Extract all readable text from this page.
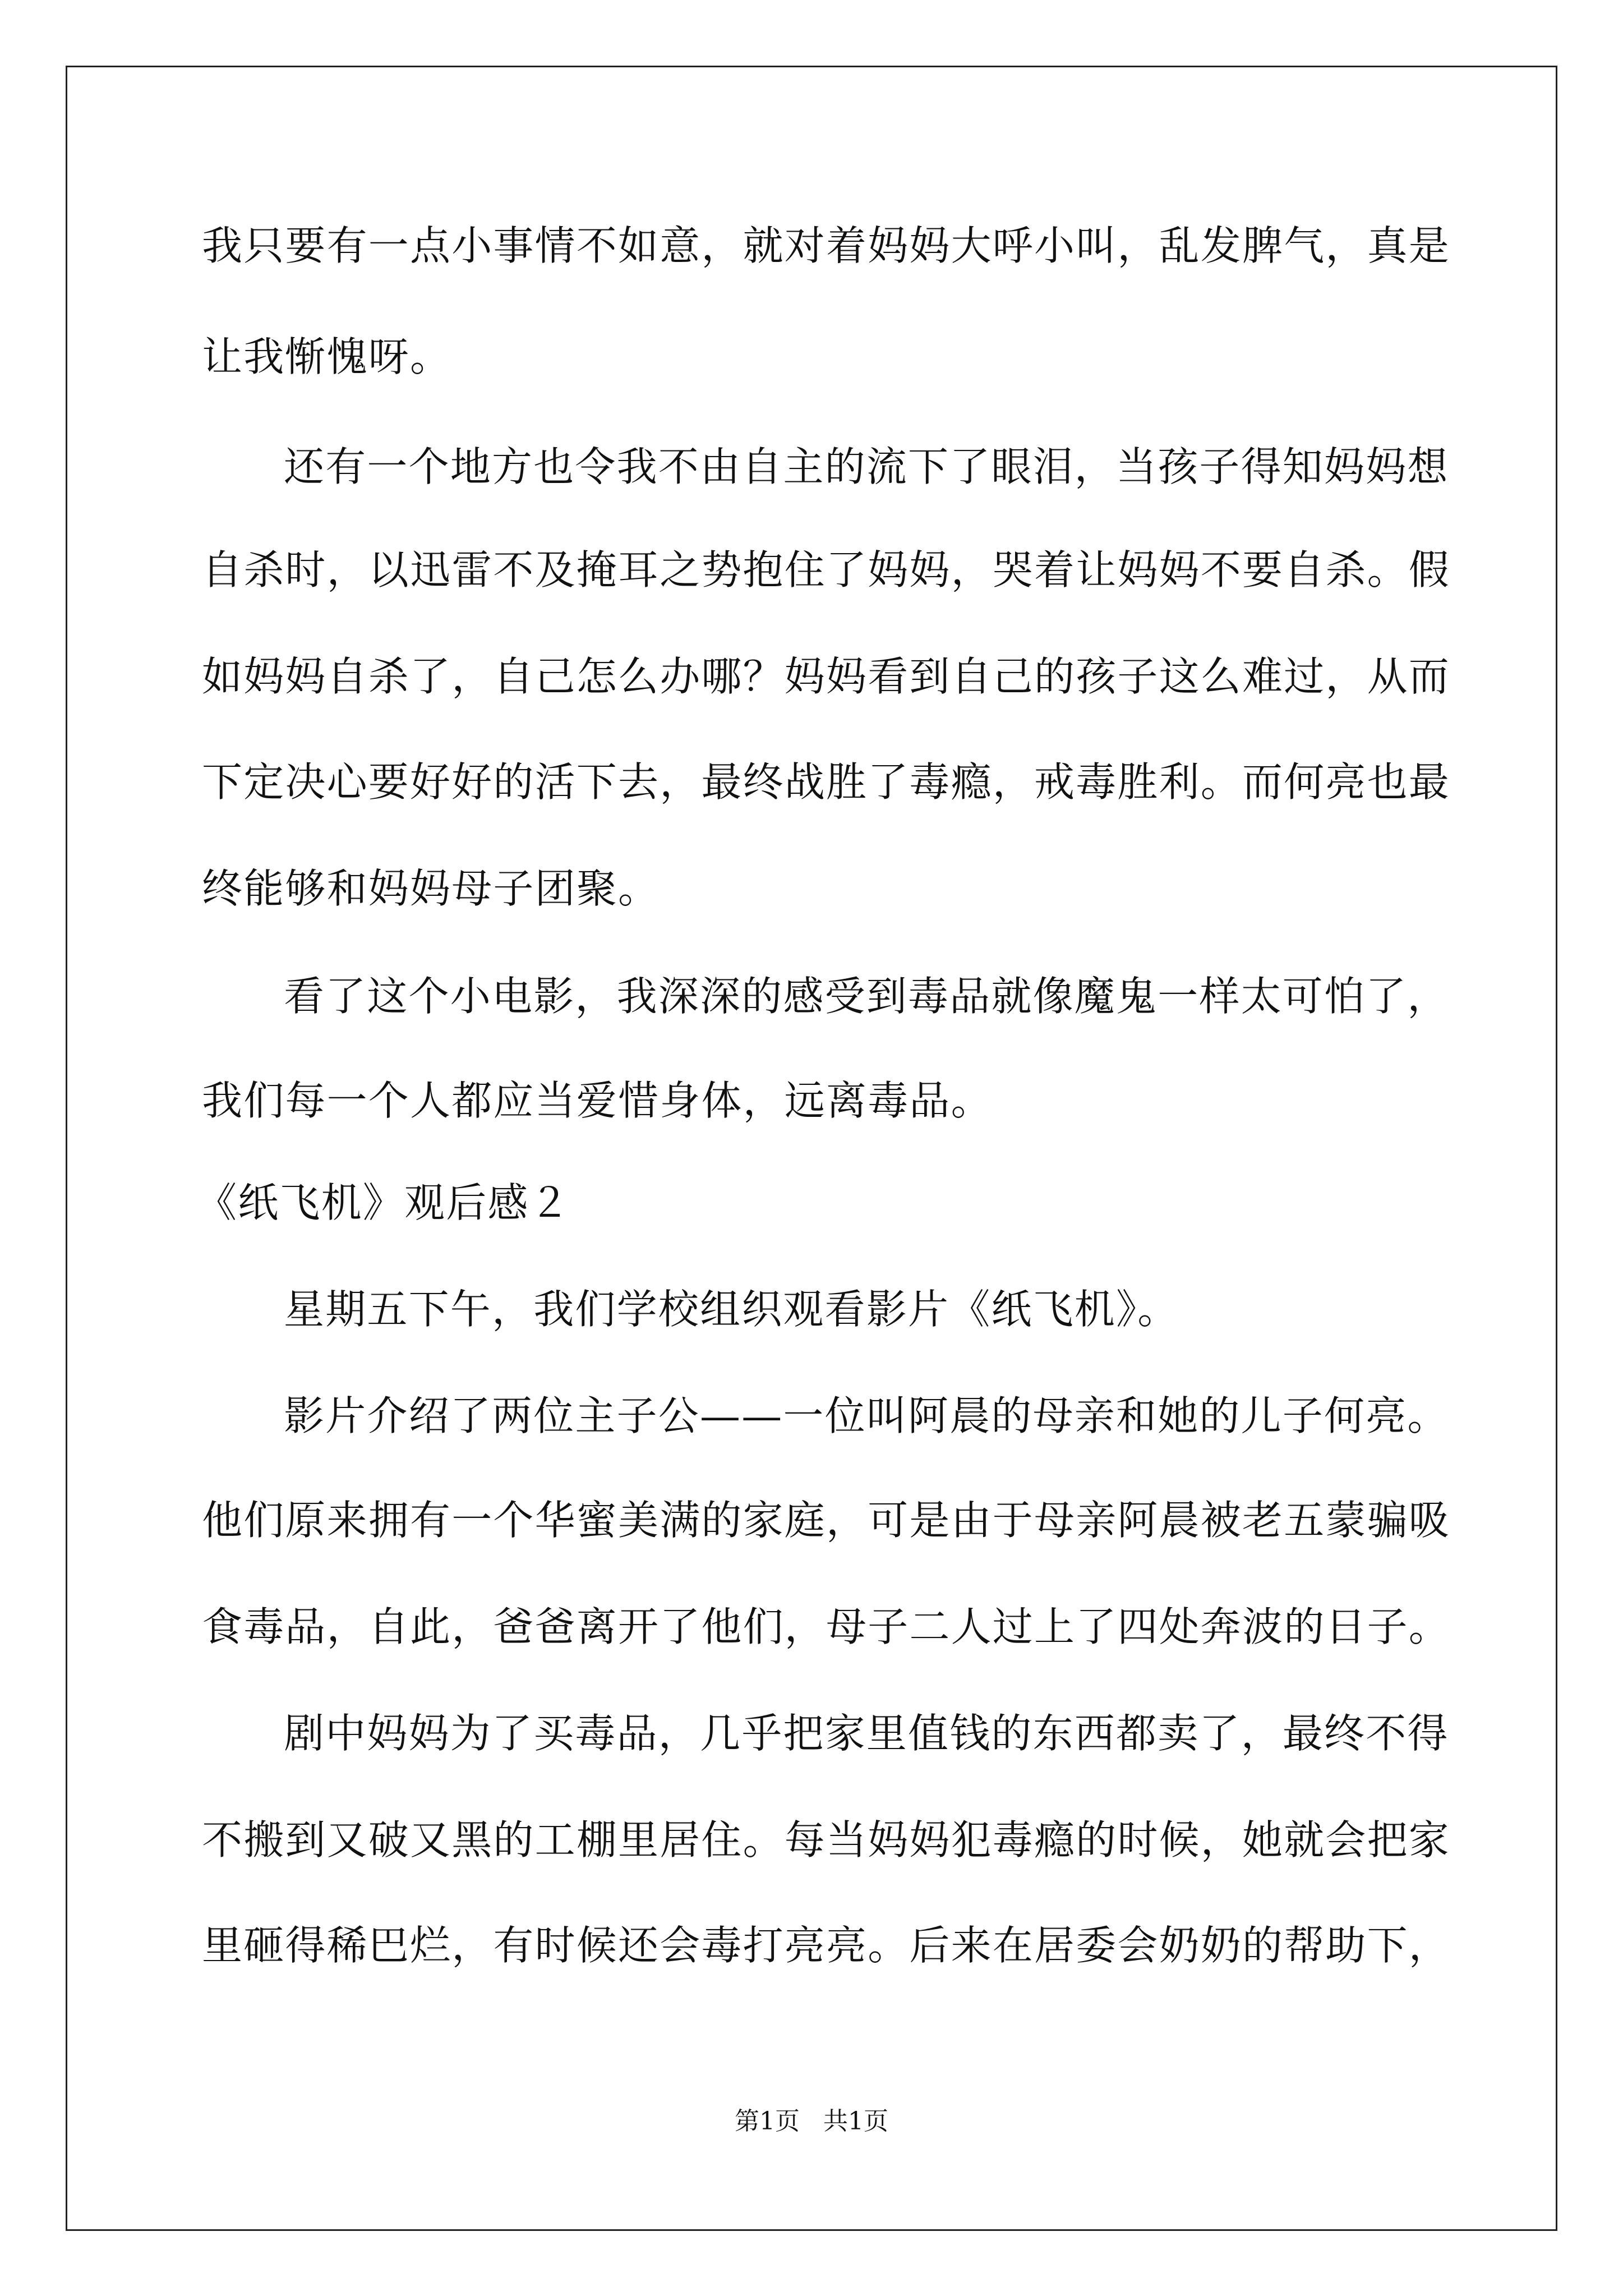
我只要有一点小事情不如意，就对着妈妈大呼小叫，乱发脾气，真是
让我惭愧呀。
还有一个地方也令我不由自主的流下了眼泪，当孩子得知妈妈想
自杀时，以迅雷不及掩耳之势抱住了妈妈，哭着让妈妈不要自杀。假
如妈妈自杀了，自己怎么办哪？妈妈看到自己的孩子这么难过，从而
下定决心要好好的活下去，最终战胜了毒瘾，戒毒胜利。而何亮也最
终能够和妈妈母子团聚。
看了这个小电影，我深深的感受到毒品就像魔鬼一样太可怕了，
我们每一个人都应当爱惜身体，远离毒品。
《纸飞机》观后感２
星期五下午，我们学校组织观看影片《纸飞机》。
影片介绍了两位主子公——一位叫阿晨的母亲和她的儿子何亮。
他们原来拥有一个华蜜美满的家庭，可是由于母亲阿晨被老五蒙骗吸
食毒品，自此，爸爸离开了他们，母子二人过上了四处奔波的日子。
剧中妈妈为了买毒品，几乎把家里值钱的东西都卖了，最终不得
不搬到又破又黑的工棚里居住。每当妈妈犯毒瘾的时候，她就会把家
里砸得稀巴烂，有时候还会毒打亮亮。后来在居委会奶奶的帮助下，
第1页 共1页
